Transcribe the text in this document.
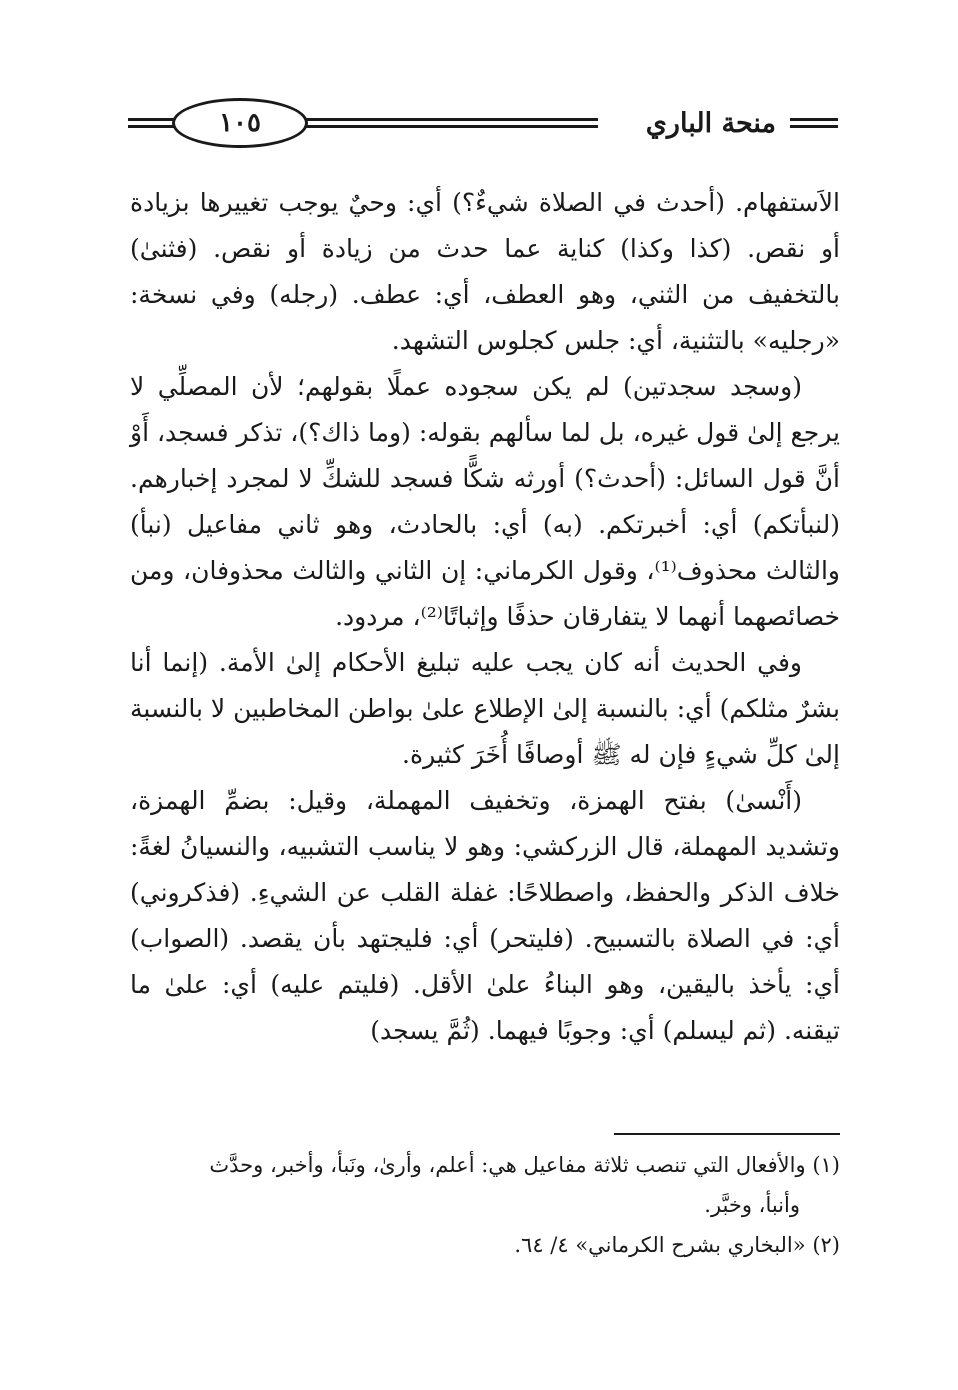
منحة الباري
١٠٥

الاَستفهام. (أحدث في الصلاة شيءٌ؟) أي: وحيٌ يوجب تغييرها بزيادة أو نقص. (كذا وكذا) كناية عما حدث من زيادة أو نقص. (فثنىٰ) بالتخفيف من الثني، وهو العطف، أي: عطف. (رجله) وفي نسخة: «رجليه» بالتثنية، أي: جلس كجلوس التشهد.

(وسجد سجدتين) لم يكن سجوده عملًا بقولهم؛ لأن المصلِّي لا يرجع إلىٰ قول غيره، بل لما سألهم بقوله: (وما ذاك؟)، تذكر فسجد، أَوْ أنَّ قول السائل: (أحدث؟) أورثه شكًّا فسجد للشكِّ لا لمجرد إخبارهم. (لنبأتكم) أي: أخبرتكم. (به) أي: بالحادث، وهو ثاني مفاعيل (نبأ) والثالث محذوف⁽¹⁾، وقول الكرماني: إن الثاني والثالث محذوفان، ومن خصائصهما أنهما لا يتفارقان حذفًا وإثباتًا⁽²⁾، مردود.

وفي الحديث أنه كان يجب عليه تبليغ الأحكام إلىٰ الأمة. (إنما أنا بشرٌ مثلكم) أي: بالنسبة إلىٰ الإطلاع علىٰ بواطن المخاطبين لا بالنسبة إلىٰ كلِّ شيءٍ فإن له ﷺ أوصافًا أُخَرَ كثيرة.

(أَنْسىٰ) بفتح الهمزة، وتخفيف المهملة، وقيل: بضمِّ الهمزة، وتشديد المهملة، قال الزركشي: وهو لا يناسب التشبيه، والنسيانُ لغةً: خلاف الذكر والحفظ، واصطلاحًا: غفلة القلب عن الشيءِ. (فذكروني) أي: في الصلاة بالتسبيح. (فليتحر) أي: فليجتهد بأن يقصد. (الصواب) أي: يأخذ باليقين، وهو البناءُ علىٰ الأقل. (فليتم عليه) أي: علىٰ ما تيقنه. (ثم ليسلم) أي: وجوبًا فيهما. (ثُمَّ يسجد)

(١) والأفعال التي تنصب ثلاثة مفاعيل هي: أعلم، وأرىٰ، ونَبأ، وأخبر، وحدَّث

وأنبأ، وخبَّر.

(٢) «البخاري بشرح الكرماني» ٤/ ٦٤.
